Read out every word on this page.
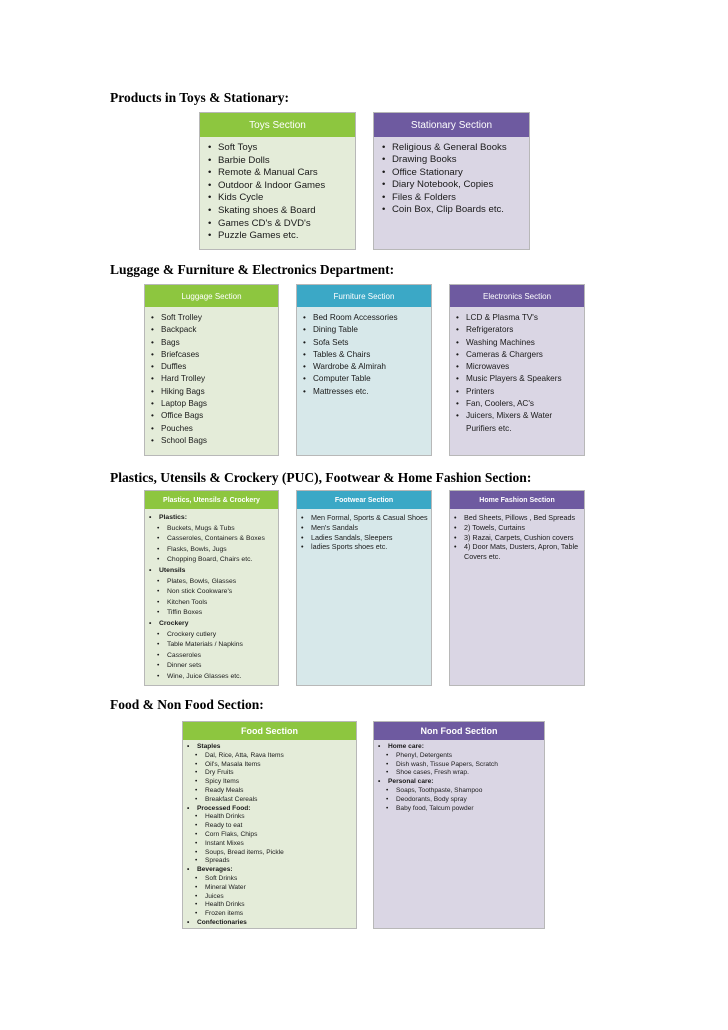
Products in Toys & Stationary:
Luggage & Furniture & Electronics Department:
Plastics, Utensils & Crockery (PUC), Footwear & Home Fashion Section:
Food & Non Food Section:
Toys Section
• Soft Toys
• Barbie Dolls
• Remote & Manual Cars
• Outdoor & Indoor Games
• Kids Cycle
• Skating shoes & Board
• Games CD's & DVD's
• Puzzle Games etc.
Stationary Section
• Religious & General Books
• Drawing Books
• Office Stationary
• Diary Notebook, Copies
• Files & Folders
• Coin Box, Clip Boards etc.
Luggage Section
• Soft Trolley
• Backpack
• Bags
• Briefcases
• Duffles
• Hard Trolley
• Hiking Bags
• Laptop Bags
• Office Bags
• Pouches
• School Bags
Furniture Section
• Bed Room Accessories
• Dining Table
• Sofa Sets
• Tables & Chairs
• Wardrobe & Almirah
• Computer Table
• Mattresses etc.
Electronics Section
• LCD & Plasma TV's
• Refrigerators
• Washing Machines
• Cameras & Chargers
• Microwaves
• Music Players & Speakers
• Printers
• Fan, Coolers, AC's
• Juicers, Mixers & Water Purifiers etc.
Plastics, Utensils & Crockery
• Plastics:
• Buckets, Mugs & Tubs
• Casseroles, Containers & Boxes
• Flasks, Bowls, Jugs
• Chopping Board, Chairs etc.
• Utensils
• Plates, Bowls, Glasses
• Non stick Cookware's
• Kitchen Tools
• Tiffin Boxes
• Crockery
• Crockery cutlery
• Table Materials / Napkins
• Casseroles
• Dinner sets
• Wine, Juice Glasses etc.
Footwear Section
• Men Formal, Sports & Casual Shoes
• Men's Sandals
• Ladies Sandals, Sleepers
• ladies Sports shoes etc.
Home Fashion Section
• Bed Sheets, Pillows , Bed Spreads
• 2) Towels, Curtains
• 3) Razai, Carpets, Cushion covers
• 4) Door Mats, Dusters, Apron, Table Covers etc.
Food Section
• Staples
• Dal, Rice, Atta, Rava Items
• Oil's, Masala Items
• Dry Fruits
• Spicy Items
• Ready Meals
• Breakfast Cereals
• Processed Food:
• Health Drinks
• Ready to eat
• Corn Flaks, Chips
• Instant Mixes
• Soups, Bread items, Pickle
• Spreads
• Beverages:
• Soft Drinks
• Mineral Water
• Juices
• Health Drinks
• Frozen items
• Confectionaries
Non Food Section
• Home care:
• Phenyl, Detergents
• Dish wash, Tissue Papers, Scratch
• Shoe cases, Fresh wrap.
• Personal care:
• Soaps, Toothpaste, Shampoo
• Deodorants, Body spray
• Baby food, Talcum powder
